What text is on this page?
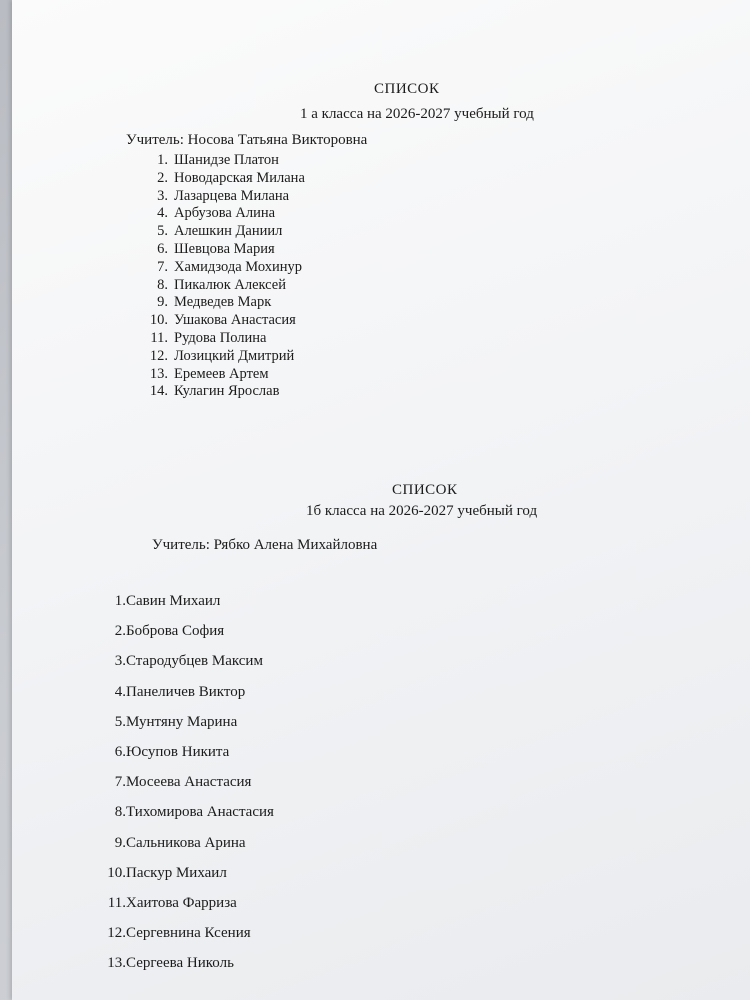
СПИСОК
1 а класса на 2026-2027 учебный год
Учитель: Носова Татьяна Викторовна
1. Шанидзе Платон
2. Новодарская Милана
3. Лазарцева Милана
4. Арбузова Алина
5. Алешкин Даниил
6. Шевцова Мария
7. Хамидзода Мохинур
8. Пикалюк Алексей
9. Медведев Марк
10. Ушакова Анастасия
11. Рудова Полина
12. Лозицкий Дмитрий
13. Еремеев Артем
14. Кулагин Ярослав
СПИСОК
1б класса на 2026-2027 учебный год
Учитель: Рябко Алена Михайловна
1. Савин Михаил
2. Боброва София
3. Стародубцев Максим
4. Панеличев Виктор
5. Мунтяну Марина
6. Юсупов Никита
7. Мосеева Анастасия
8. Тихомирова Анастасия
9. Сальникова Арина
10. Паскур Михаил
11. Хаитова Фарриза
12. Сергевнина Ксения
13. Сергеева Николь
